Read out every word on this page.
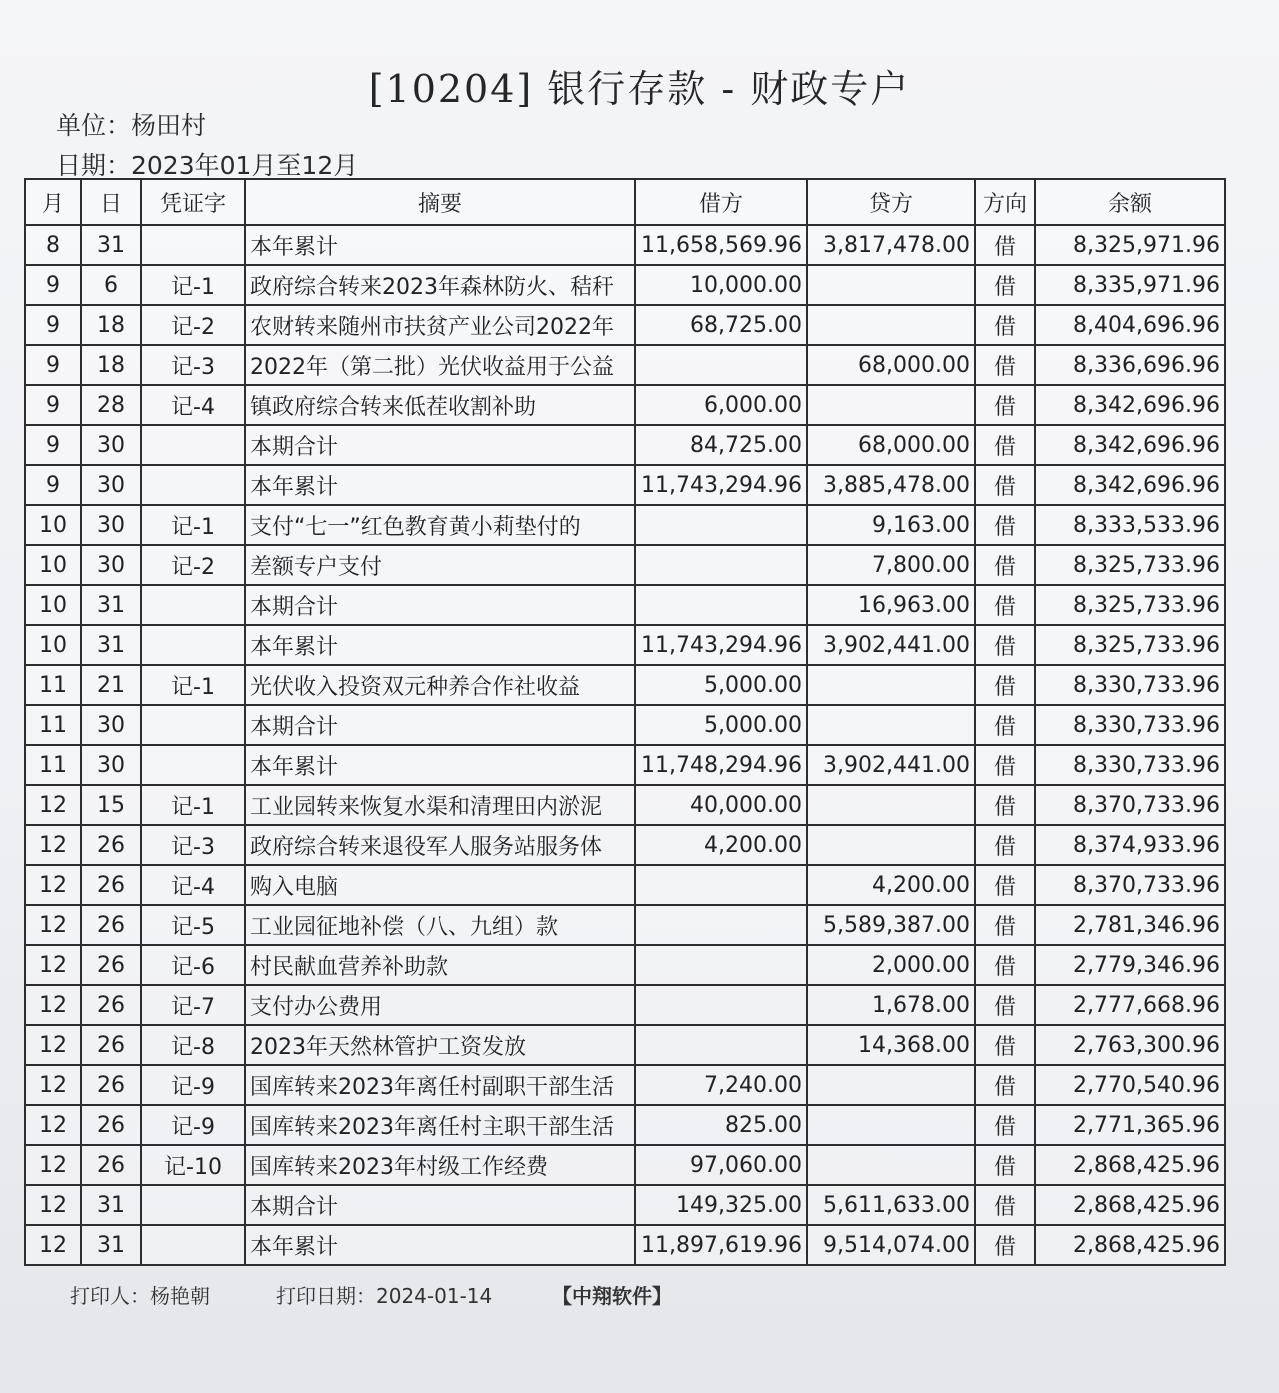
[10204] 银行存款 - 财政专户
单位：杨田村
日期：2023年01月至12月
月	日	凭证字	摘要	借方	贷方	方向	余额
8	31		本年累计	11,658,569.96	3,817,478.00	借	8,325,971.96
9	6	记-1	政府综合转来2023年森林防火、秸秆	10,000.00		借	8,335,971.96
9	18	记-2	农财转来随州市扶贫产业公司2022年	68,725.00		借	8,404,696.96
9	18	记-3	2022年（第二批）光伏收益用于公益		68,000.00	借	8,336,696.96
9	28	记-4	镇政府综合转来低茬收割补助	6,000.00		借	8,342,696.96
9	30		本期合计	84,725.00	68,000.00	借	8,342,696.96
9	30		本年累计	11,743,294.96	3,885,478.00	借	8,342,696.96
10	30	记-1	支付“七一”红色教育黄小莉垫付的		9,163.00	借	8,333,533.96
10	30	记-2	差额专户支付		7,800.00	借	8,325,733.96
10	31		本期合计		16,963.00	借	8,325,733.96
10	31		本年累计	11,743,294.96	3,902,441.00	借	8,325,733.96
11	21	记-1	光伏收入投资双元种养合作社收益	5,000.00		借	8,330,733.96
11	30		本期合计	5,000.00		借	8,330,733.96
11	30		本年累计	11,748,294.96	3,902,441.00	借	8,330,733.96
12	15	记-1	工业园转来恢复水渠和清理田内淤泥	40,000.00		借	8,370,733.96
12	26	记-3	政府综合转来退役军人服务站服务体	4,200.00		借	8,374,933.96
12	26	记-4	购入电脑		4,200.00	借	8,370,733.96
12	26	记-5	工业园征地补偿（八、九组）款		5,589,387.00	借	2,781,346.96
12	26	记-6	村民献血营养补助款		2,000.00	借	2,779,346.96
12	26	记-7	支付办公费用		1,678.00	借	2,777,668.96
12	26	记-8	2023年天然林管护工资发放		14,368.00	借	2,763,300.96
12	26	记-9	国库转来2023年离任村副职干部生活	7,240.00		借	2,770,540.96
12	26	记-9	国库转来2023年离任村主职干部生活	825.00		借	2,771,365.96
12	26	记-10	国库转来2023年村级工作经费	97,060.00		借	2,868,425.96
12	31		本期合计	149,325.00	5,611,633.00	借	2,868,425.96
12	31		本年累计	11,897,619.96	9,514,074.00	借	2,868,425.96
打印人：杨艳朝	打印日期：2024-01-14	【中翔软件】
